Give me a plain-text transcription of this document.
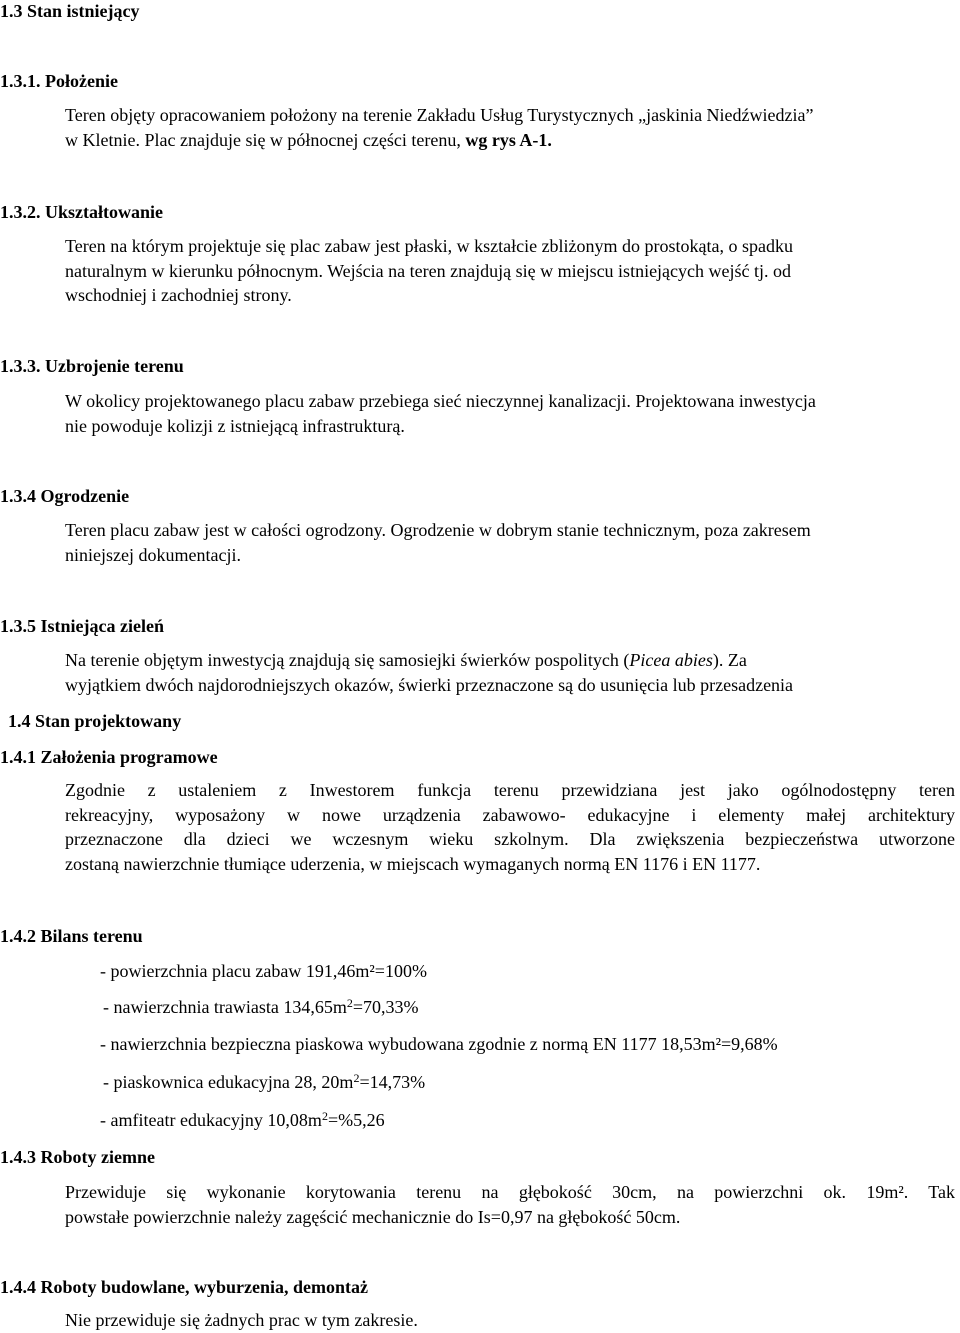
1.3 Stan istniejący
1.3.1. Położenie
Teren objęty opracowaniem położony na terenie Zakładu Usług Turystycznych „jaskinia Niedźwiedzia”
w Kletnie. Plac znajduje się w północnej części terenu, wg rys A-1.
1.3.2. Ukształtowanie
Teren na którym projektuje się plac zabaw jest płaski, w kształcie zbliżonym do prostokąta, o spadku
naturalnym w kierunku północnym. Wejścia na teren znajdują się w miejscu istniejących wejść tj. od
wschodniej i zachodniej strony.
1.3.3. Uzbrojenie terenu
W okolicy projektowanego placu zabaw przebiega sieć nieczynnej kanalizacji. Projektowana inwestycja
nie powoduje kolizji z istniejącą infrastrukturą.
1.3.4 Ogrodzenie
Teren placu zabaw jest w całości ogrodzony. Ogrodzenie w dobrym stanie technicznym, poza zakresem
niniejszej dokumentacji.
1.3.5 Istniejąca zieleń
Na terenie objętym inwestycją znajdują się samosiejki świerków pospolitych (Picea abies). Za
wyjątkiem dwóch najdorodniejszych okazów, świerki przeznaczone są do usunięcia lub przesadzenia
1.4 Stan projektowany
1.4.1 Założenia programowe
Zgodnie z ustaleniem z Inwestorem funkcja terenu przewidziana jest jako ogólnodostępny teren
rekreacyjny, wyposażony w nowe urządzenia zabawowo- edukacyjne i elementy małej architektury
przeznaczone dla dzieci we wczesnym wieku szkolnym. Dla zwiększenia bezpieczeństwa utworzone
zostaną nawierzchnie tłumiące uderzenia, w miejscach wymaganych normą EN 1176 i EN 1177.
1.4.2 Bilans terenu
- powierzchnia placu zabaw 191,46m²=100%
- nawierzchnia trawiasta $134,65m^2=70,33\%$
- nawierzchnia bezpieczna piaskowa wybudowana zgodnie z normą EN 1177 18,53m²=9,68%
- piaskownica edukacyjna 28, $20m^2=14,73\%$
- amfiteatr edukacyjny $10,08m^2=\%5,26$
1.4.3 Roboty ziemne
Przewiduje się wykonanie korytowania terenu na głębokość 30cm, na powierzchni ok. 19m². Tak
powstałe powierzchnie należy zagęścić mechanicznie do Is=0,97 na głębokość 50cm.
1.4.4 Roboty budowlane, wyburzenia, demontaż
Nie przewiduje się żadnych prac w tym zakresie.
